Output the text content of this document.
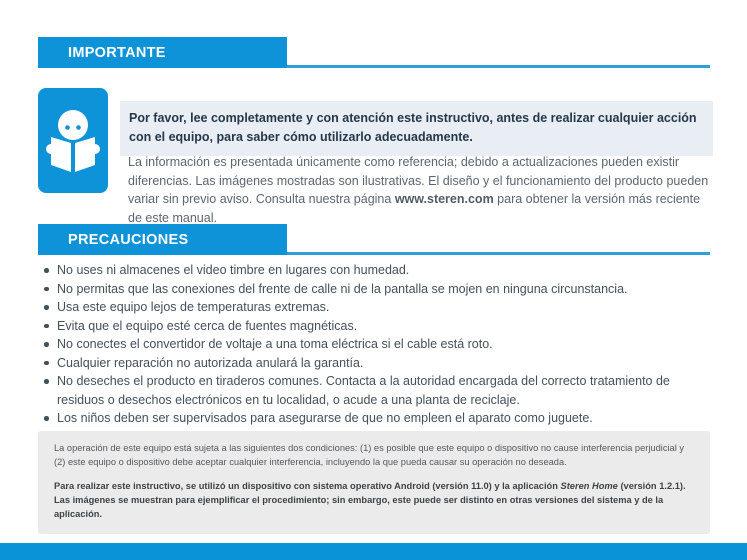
IMPORTANTE

Por favor, lee completamente y con atención este instructivo, antes de realizar cualquier acción con el equipo, para saber cómo utilizarlo adecuadamente.

La información es presentada únicamente como referencia; debido a actualizaciones pueden existir diferencias. Las imágenes mostradas son ilustrativas. El diseño y el funcionamiento del producto pueden variar sin previo aviso. Consulta nuestra página www.steren.com para obtener la versión más reciente de este manual.

PRECAUCIONES
No uses ni almacenes el video timbre en lugares con humedad.
No permitas que las conexiones del frente de calle ni de la pantalla se mojen en ninguna circunstancia.
Usa este equipo lejos de temperaturas extremas.
Evita que el equipo esté cerca de fuentes magnéticas.
No conectes el convertidor de voltaje a una toma eléctrica si el cable está roto.
Cualquier reparación no autorizada anulará la garantía.
No deseches el producto en tiraderos comunes. Contacta a la autoridad encargada del correcto tratamiento de residuos o desechos electrónicos en tu localidad, o acude a una planta de reciclaje.
Los niños deben ser supervisados para asegurarse de que no empleen el aparato como juguete.

La operación de este equipo está sujeta a las siguientes dos condiciones: (1) es posible que este equipo o dispositivo no cause interferencia perjudicial y (2) este equipo o dispositivo debe aceptar cualquier interferencia, incluyendo la que pueda causar su operación no deseada.

Para realizar este instructivo, se utilizó un dispositivo con sistema operativo Android (versión 11.0) y la aplicación Steren Home (versión 1.2.1). Las imágenes se muestran para ejemplificar el procedimiento; sin embargo, este puede ser distinto en otras versiones del sistema y de la aplicación.
